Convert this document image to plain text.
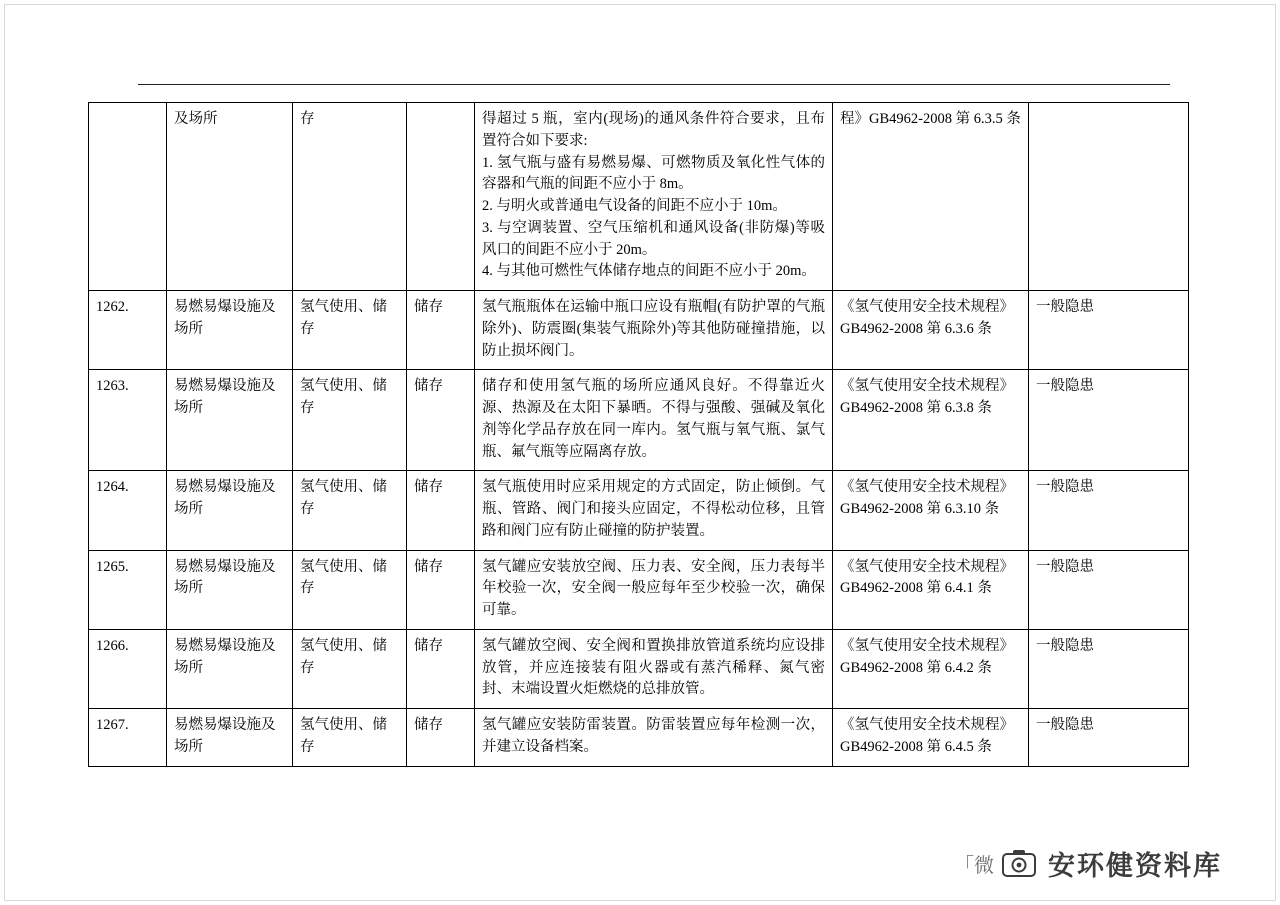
	及场所	存		得超过 5 瓶，室内(现场)的通风条件符合要求，且布置符合如下要求:
1. 氢气瓶与盛有易燃易爆、可燃物质及氧化性气体的容器和气瓶的间距不应小于 8m。
2. 与明火或普通电气设备的间距不应小于 10m。
3. 与空调装置、空气压缩机和通风设备(非防爆)等吸风口的间距不应小于 20m。
4. 与其他可燃性气体储存地点的间距不应小于 20m。	程》GB4962-2008 第 6.3.5 条	
1262.	易燃易爆设施及场所	氢气使用、储存	储存	氢气瓶瓶体在运输中瓶口应设有瓶帽(有防护罩的气瓶除外)、防震圈(集装气瓶除外)等其他防碰撞措施，以防止损坏阀门。	《氢气使用安全技术规程》GB4962-2008 第 6.3.6 条	一般隐患
1263.	易燃易爆设施及场所	氢气使用、储存	储存	储存和使用氢气瓶的场所应通风良好。不得靠近火源、热源及在太阳下暴晒。不得与强酸、强碱及氧化剂等化学品存放在同一库内。氢气瓶与氧气瓶、氯气瓶、氟气瓶等应隔离存放。	《氢气使用安全技术规程》GB4962-2008 第 6.3.8 条	一般隐患
1264.	易燃易爆设施及场所	氢气使用、储存	储存	氢气瓶使用时应采用规定的方式固定，防止倾倒。气瓶、管路、阀门和接头应固定，不得松动位移，且管路和阀门应有防止碰撞的防护装置。	《氢气使用安全技术规程》GB4962-2008 第 6.3.10 条	一般隐患
1265.	易燃易爆设施及场所	氢气使用、储存	储存	氢气罐应安装放空阀、压力表、安全阀，压力表每半年校验一次，安全阀一般应每年至少校验一次，确保可靠。	《氢气使用安全技术规程》GB4962-2008 第 6.4.1 条	一般隐患
1266.	易燃易爆设施及场所	氢气使用、储存	储存	氢气罐放空阀、安全阀和置换排放管道系统均应设排放管，并应连接装有阻火器或有蒸汽稀释、氮气密封、末端设置火炬燃烧的总排放管。	《氢气使用安全技术规程》GB4962-2008 第 6.4.2 条	一般隐患
1267.	易燃易爆设施及场所	氢气使用、储存	储存	氢气罐应安装防雷装置。防雷装置应每年检测一次，并建立设备档案。	《氢气使用安全技术规程》GB4962-2008 第 6.4.5 条	一般隐患
「微 安环健资料库
